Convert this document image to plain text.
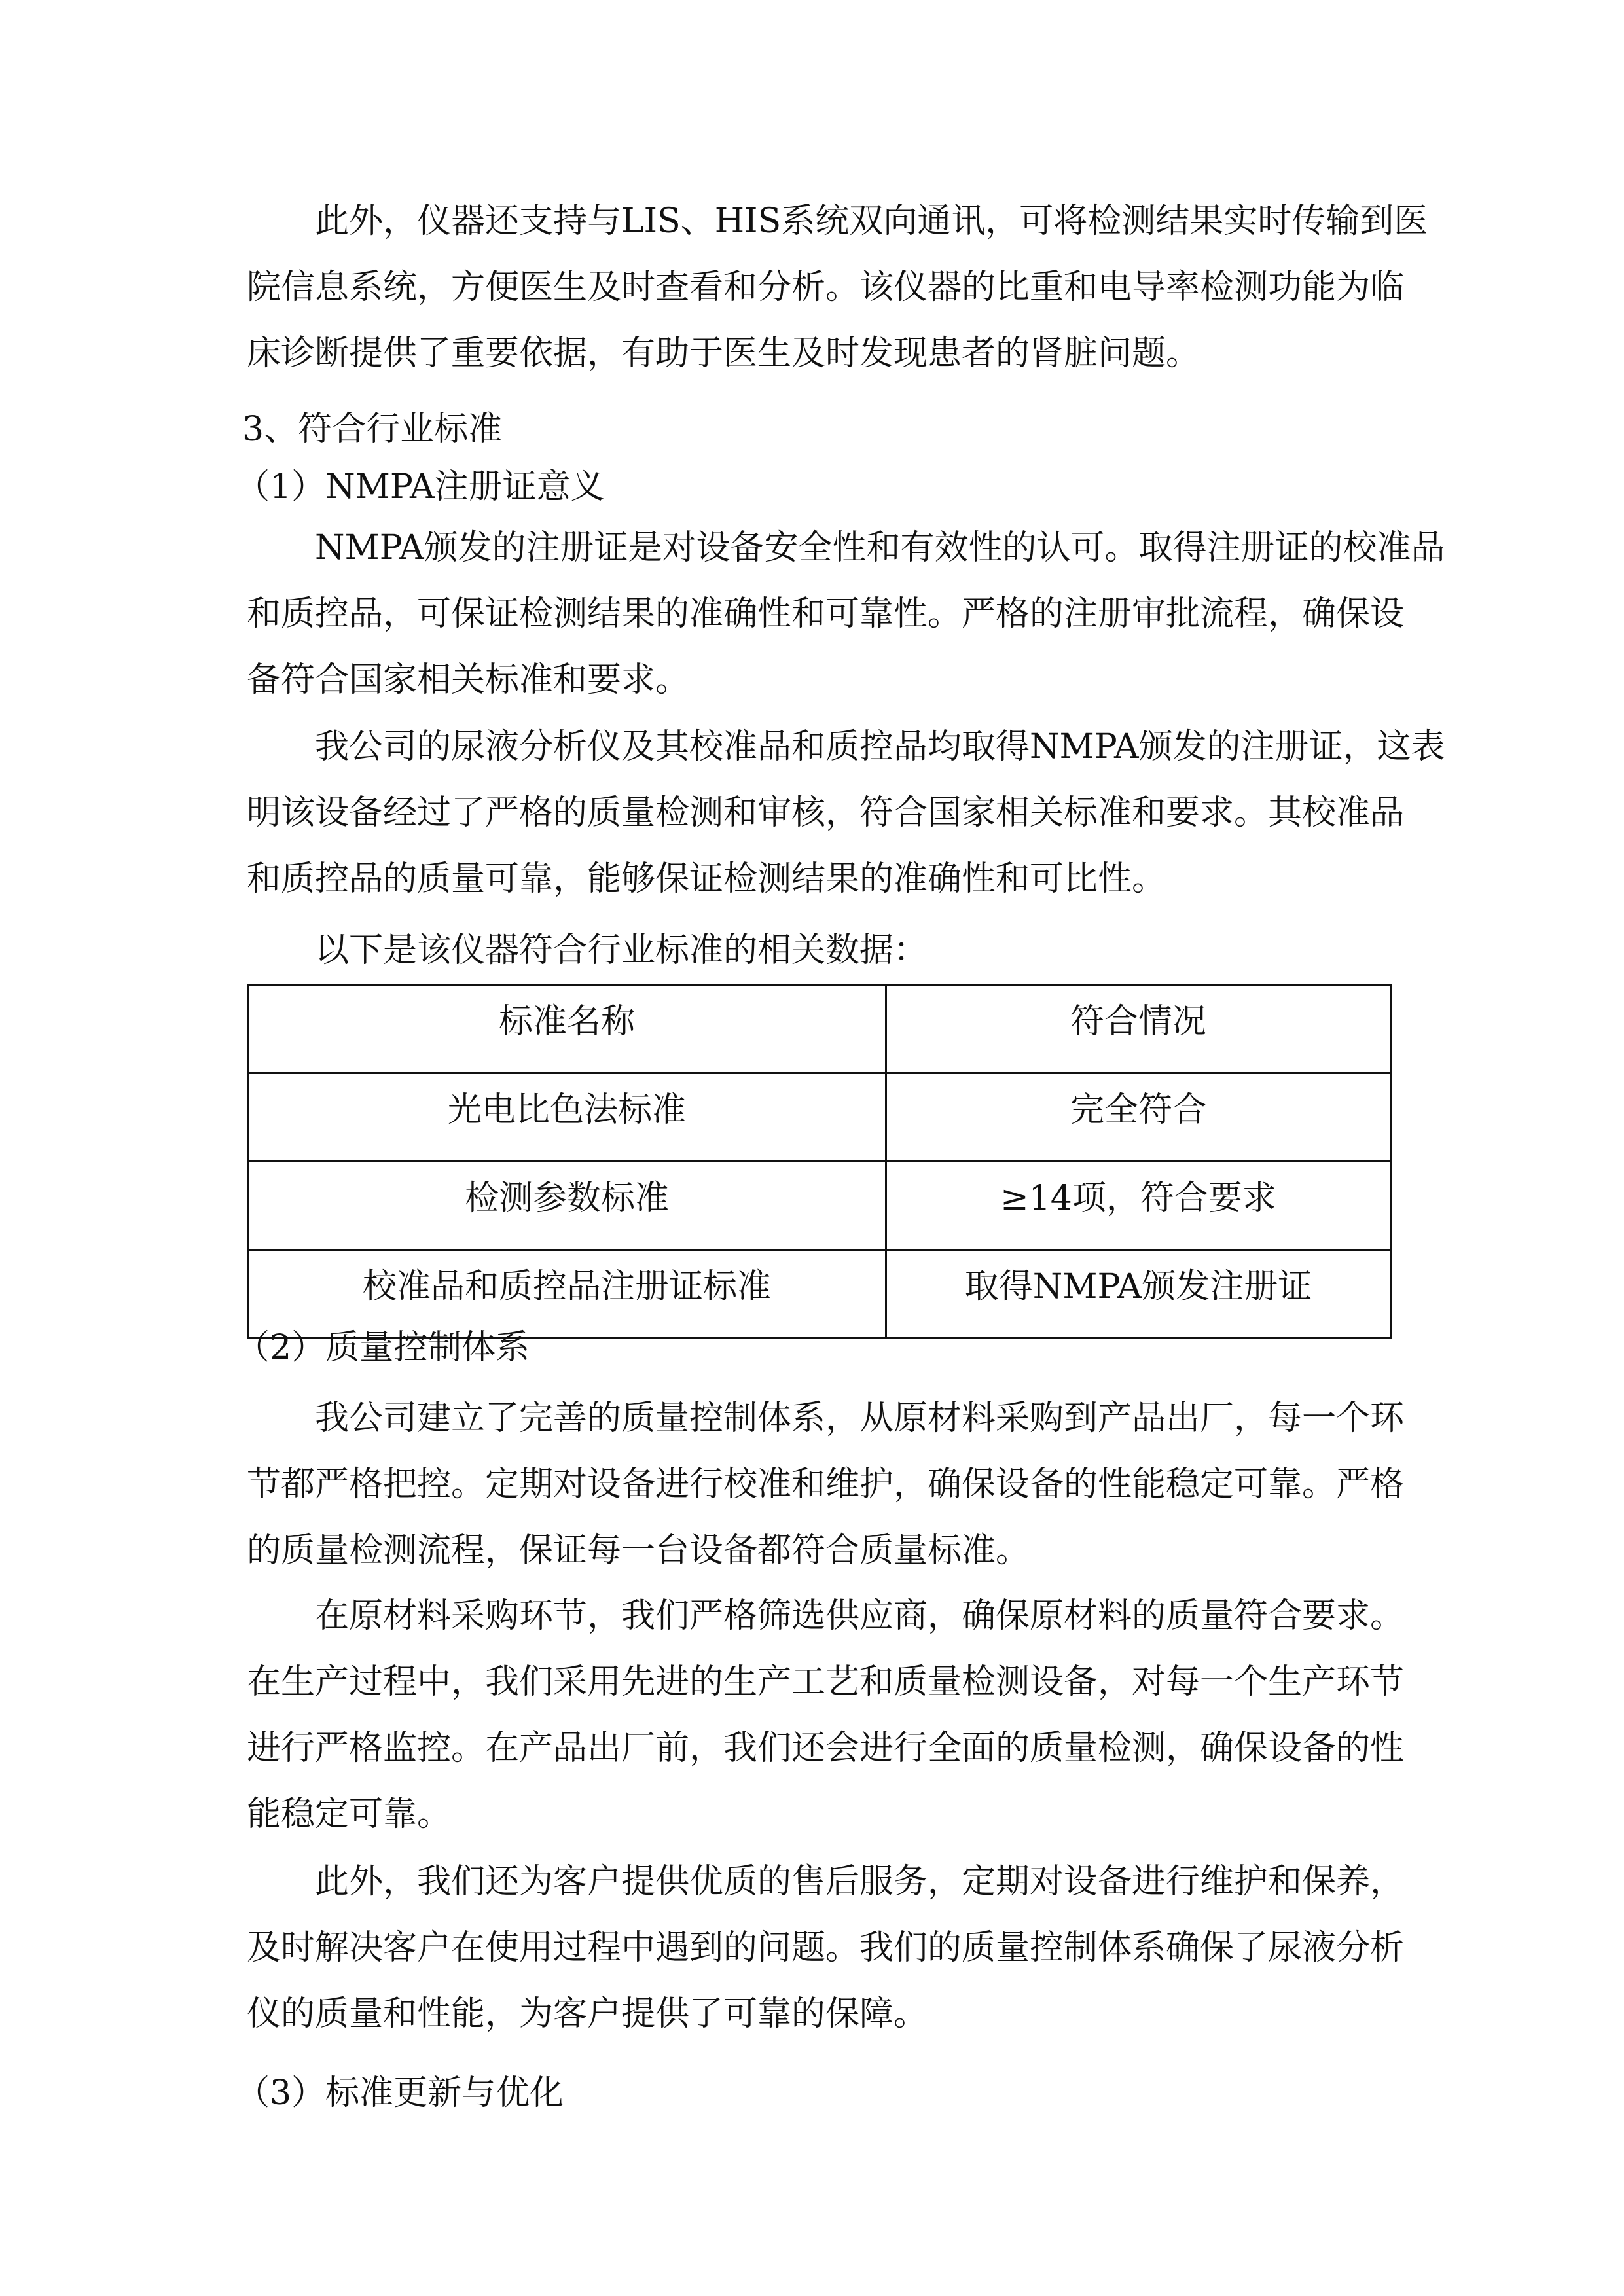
此外，仪器还支持与LIS、HIS系统双向通讯，可将检测结果实时传输到医
院信息系统，方便医生及时查看和分析。该仪器的比重和电导率检测功能为临
床诊断提供了重要依据，有助于医生及时发现患者的肾脏问题。
3、符合行业标准
（1）NMPA注册证意义
NMPA颁发的注册证是对设备安全性和有效性的认可。取得注册证的校准品
和质控品，可保证检测结果的准确性和可靠性。严格的注册审批流程，确保设
备符合国家相关标准和要求。
我公司的尿液分析仪及其校准品和质控品均取得NMPA颁发的注册证，这表
明该设备经过了严格的质量检测和审核，符合国家相关标准和要求。其校准品
和质控品的质量可靠，能够保证检测结果的准确性和可比性。
以下是该仪器符合行业标准的相关数据：
标准名称	符合情况
光电比色法标准	完全符合
检测参数标准	≥14项，符合要求
校准品和质控品注册证标准	取得NMPA颁发注册证
（2）质量控制体系
我公司建立了完善的质量控制体系，从原材料采购到产品出厂，每一个环
节都严格把控。定期对设备进行校准和维护，确保设备的性能稳定可靠。严格
的质量检测流程，保证每一台设备都符合质量标准。
在原材料采购环节，我们严格筛选供应商，确保原材料的质量符合要求。
在生产过程中，我们采用先进的生产工艺和质量检测设备，对每一个生产环节
进行严格监控。在产品出厂前，我们还会进行全面的质量检测，确保设备的性
能稳定可靠。
此外，我们还为客户提供优质的售后服务，定期对设备进行维护和保养，
及时解决客户在使用过程中遇到的问题。我们的质量控制体系确保了尿液分析
仪的质量和性能，为客户提供了可靠的保障。
（3）标准更新与优化
